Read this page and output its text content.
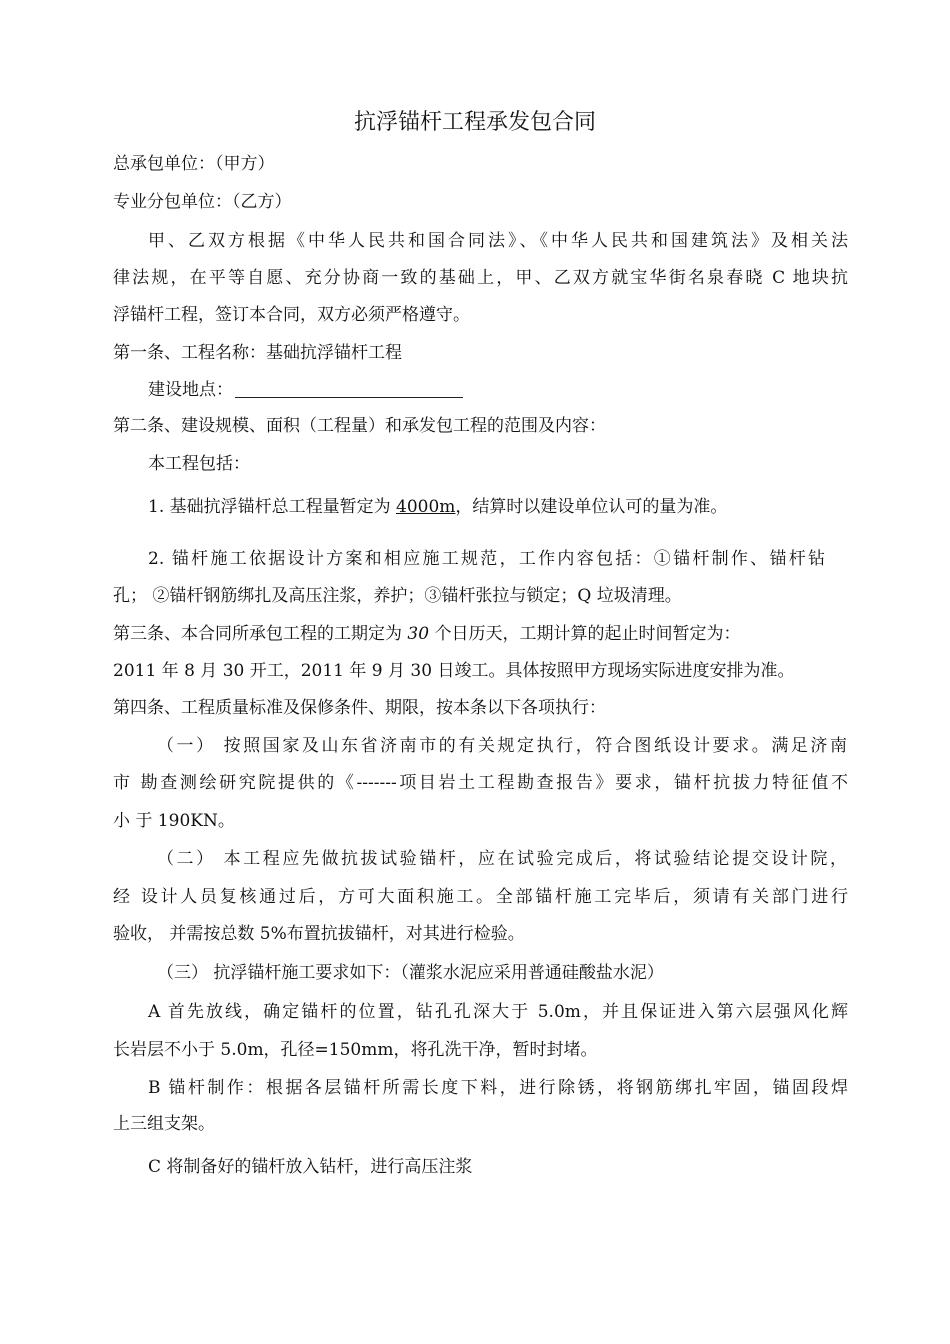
抗浮锚杆工程承发包合同
总承包单位：（甲方）
专业分包单位：（乙方）
甲、乙双方根据《中华人民共和国合同法》、《中华人民共和国建筑法》及相关法
律法规，在平等自愿、充分协商一致的基础上，甲、乙双方就宝华街名泉春晓 C 地块抗
浮锚杆工程，签订本合同，双方必须严格遵守。
第一条、工程名称：基础抗浮锚杆工程
建设地点：
第二条、建设规模、面积（工程量）和承发包工程的范围及内容：
本工程包括：
1. 基础抗浮锚杆总工程量暂定为 4000m，结算时以建设单位认可的量为准。
2. 锚杆施工依据设计方案和相应施工规范，工作内容包括：①锚杆制作、锚杆钻
孔； ②锚杆钢筋绑扎及高压注浆，养护；③锚杆张拉与锁定；Q 垃圾清理。
第三条、本合同所承包工程的工期定为 30 个日历天，工期计算的起止时间暂定为：
2011 年 8 月 30 开工，2011 年 9 月 30 日竣工。具体按照甲方现场实际进度安排为准。
第四条、工程质量标准及保修条件、期限，按本条以下各项执行：
（一） 按照国家及山东省济南市的有关规定执行，符合图纸设计要求。满足济南
市 勘查测绘研究院提供的《-------项目岩土工程勘查报告》要求，锚杆抗拔力特征值不
小 于 190KN。
（二） 本工程应先做抗拔试验锚杆，应在试验完成后，将试验结论提交设计院，
经 设计人员复核通过后，方可大面积施工。全部锚杆施工完毕后，须请有关部门进行
验收， 并需按总数 5%布置抗拔锚杆，对其进行检验。
（三） 抗浮锚杆施工要求如下：（灌浆水泥应采用普通硅酸盐水泥）
A 首先放线，确定锚杆的位置，钻孔孔深大于 5.0m，并且保证进入第六层强风化辉
长岩层不小于 5.0m，孔径=150mm，将孔洗干净，暂时封堵。
B 锚杆制作：根据各层锚杆所需长度下料，进行除锈，将钢筋绑扎牢固，锚固段焊
上三组支架。
C 将制备好的锚杆放入钻杆，进行高压注浆
